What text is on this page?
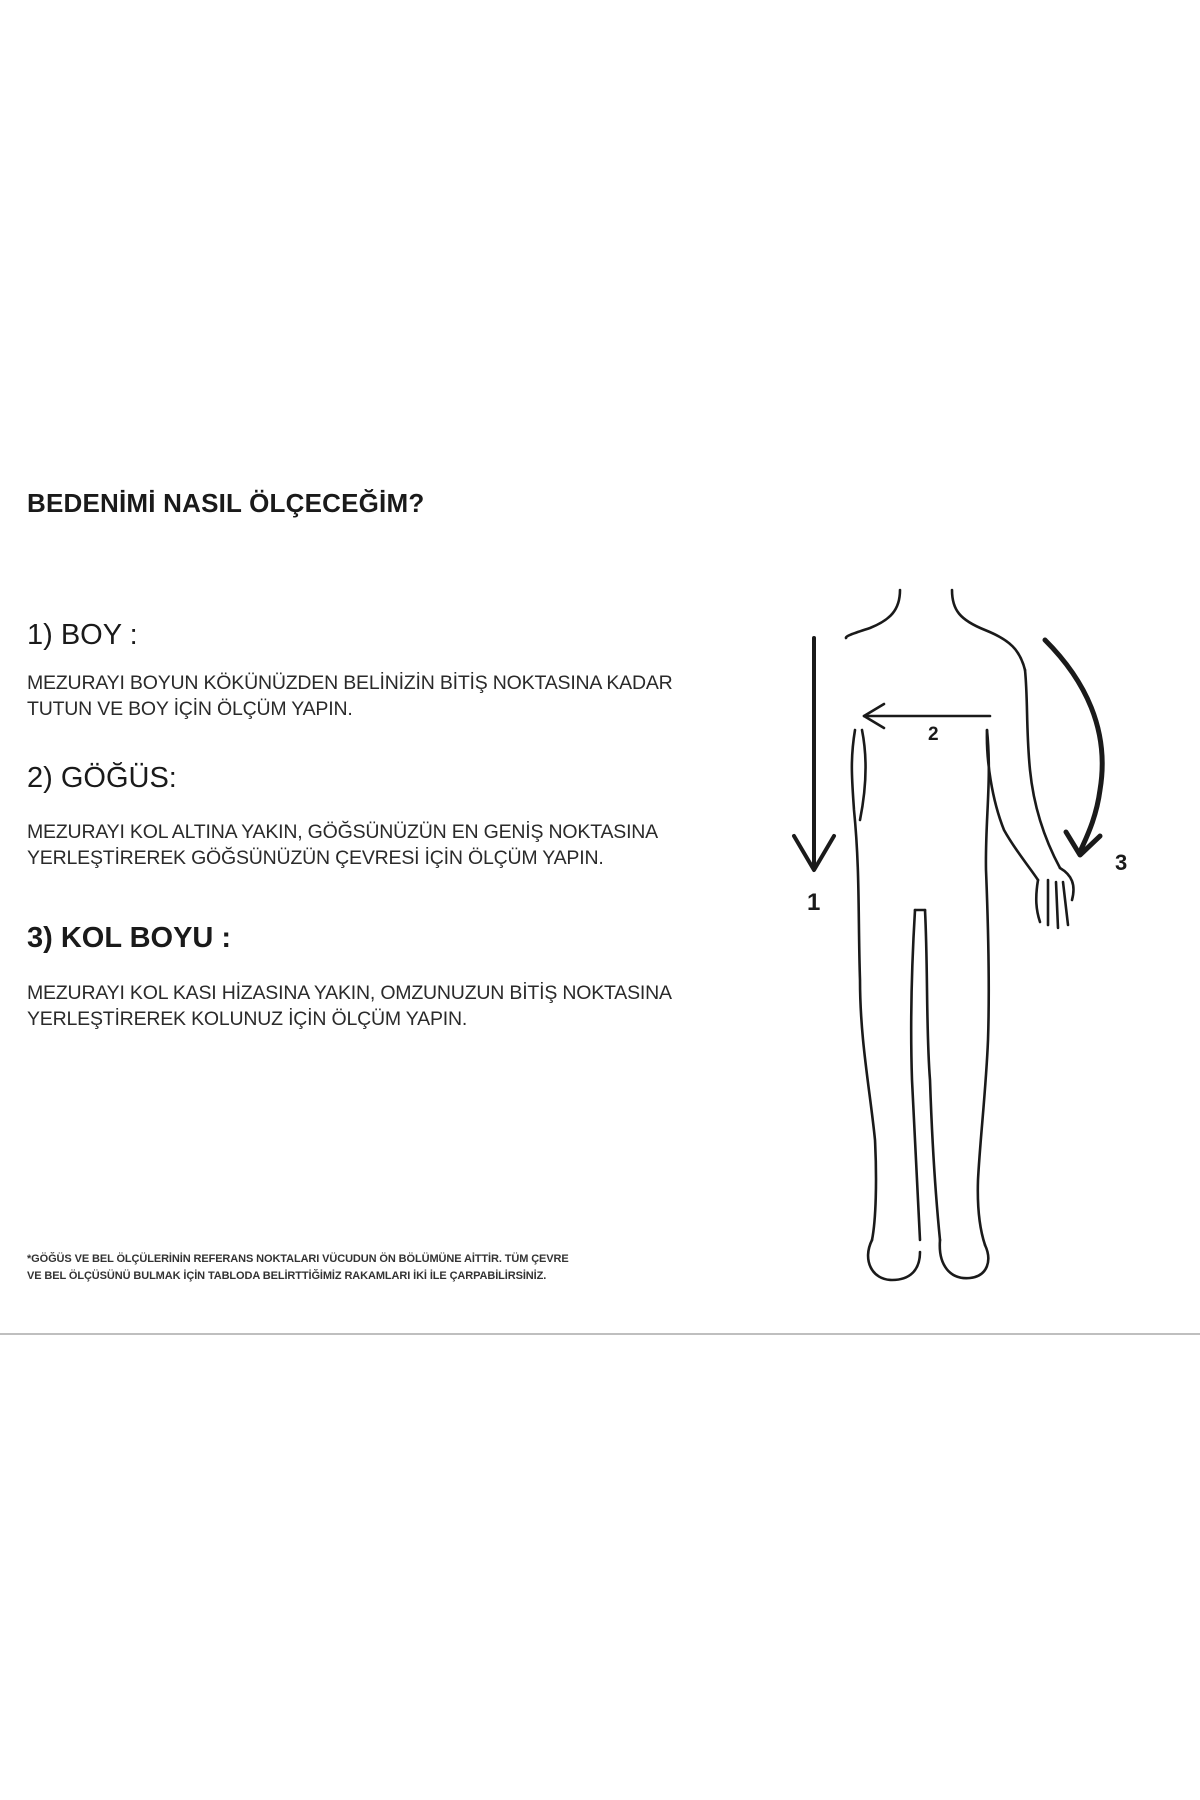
BEDENİMİ NASIL ÖLÇECEĞİM?
1) BOY :
MEZURAYI BOYUN KÖKÜNÜZDEN BELİNİZİN BİTİŞ NOKTASINA KADAR
TUTUN VE BOY İÇİN ÖLÇÜM YAPIN.
2) GÖĞÜS:
MEZURAYI KOL ALTINA YAKIN, GÖĞSÜNÜZÜN EN GENİŞ NOKTASINA
YERLEŞTİREREK GÖĞSÜNÜZÜN ÇEVRESİ İÇİN ÖLÇÜM YAPIN.
3) KOL BOYU :
MEZURAYI KOL KASI HİZASINA YAKIN, OMZUNUZUN BİTİŞ NOKTASINA
YERLEŞTİREREK KOLUNUZ İÇİN ÖLÇÜM YAPIN.
*GÖĞÜS VE BEL ÖLÇÜLERİNİN REFERANS NOKTALARI VÜCUDUN ÖN BÖLÜMÜNE AİTTİR. TÜM ÇEVRE
VE BEL ÖLÇÜSÜNÜ BULMAK İÇİN TABLODA BELİRTTİĞİMİZ RAKAMLARI İKİ İLE ÇARPABİLİRSİNİZ.
2
1
3
